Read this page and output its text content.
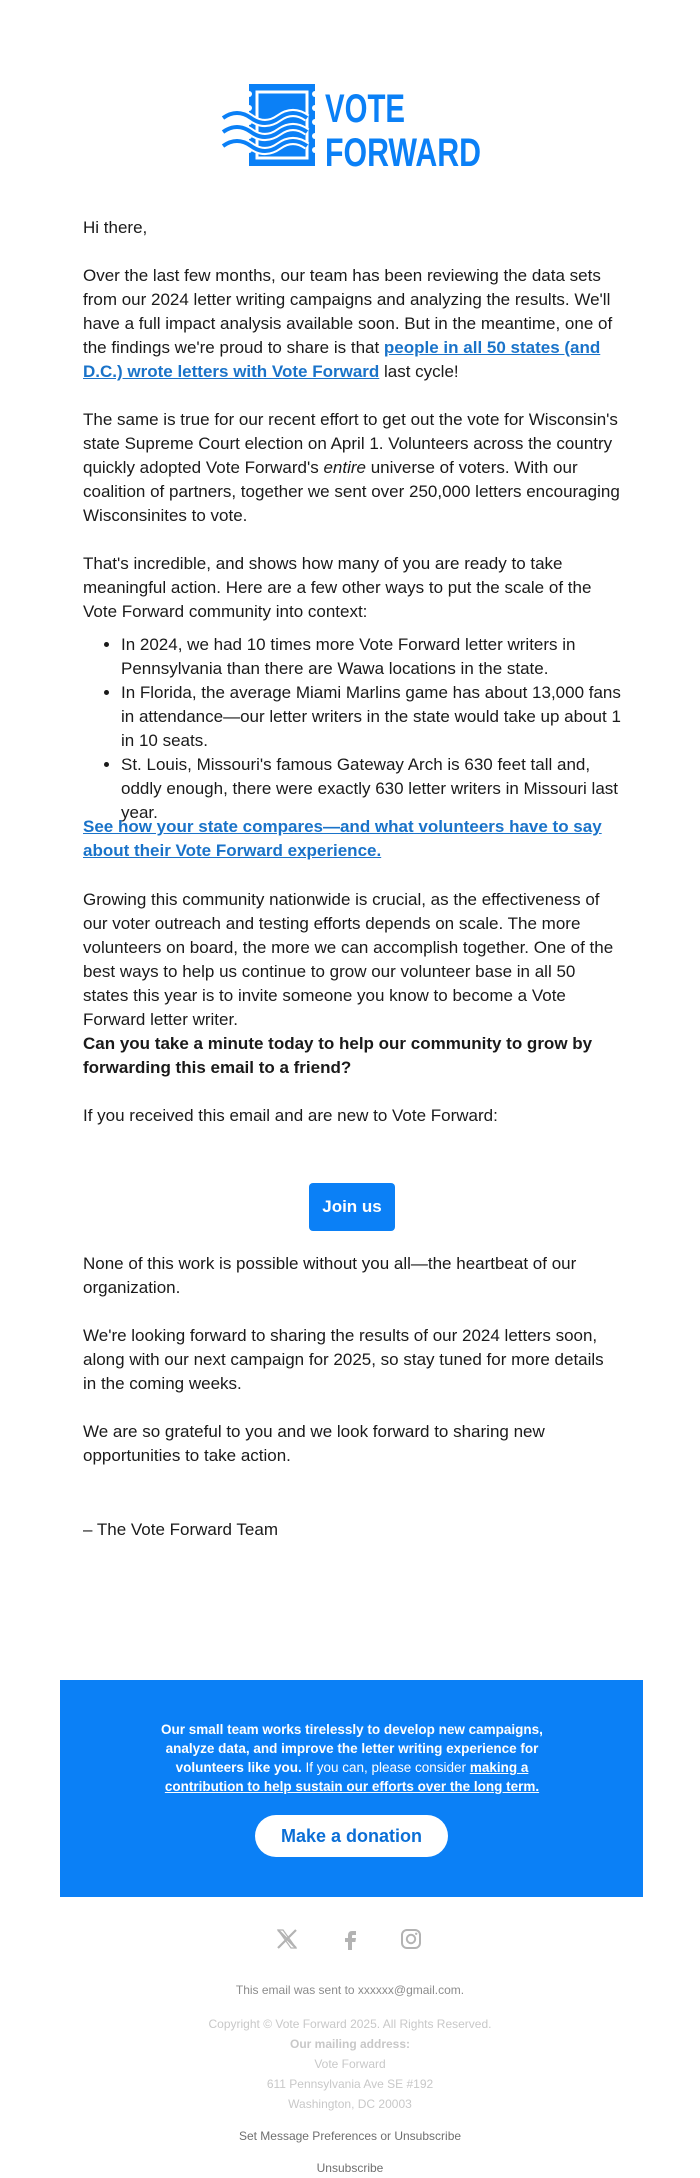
VOTE
FORWARD

Hi there,

Over the last few months, our team has been reviewing the data sets from our 2024 letter writing campaigns and analyzing the results. We'll have a full impact analysis available soon. But in the meantime, one of the findings we're proud to share is that people in all 50 states (and D.C.) wrote letters with Vote Forward last cycle!

The same is true for our recent effort to get out the vote for Wisconsin's state Supreme Court election on April 1. Volunteers across the country quickly adopted Vote Forward's entire universe of voters. With our coalition of partners, together we sent over 250,000 letters encouraging Wisconsinites to vote.

That's incredible, and shows how many of you are ready to take meaningful action. Here are a few other ways to put the scale of the Vote Forward community into context:

• In 2024, we had 10 times more Vote Forward letter writers in Pennsylvania than there are Wawa locations in the state.
• In Florida, the average Miami Marlins game has about 13,000 fans in attendance—our letter writers in the state would take up about 1 in 10 seats.
• St. Louis, Missouri's famous Gateway Arch is 630 feet tall and, oddly enough, there were exactly 630 letter writers in Missouri last year.

See how your state compares—and what volunteers have to say about their Vote Forward experience.

Growing this community nationwide is crucial, as the effectiveness of our voter outreach and testing efforts depends on scale. The more volunteers on board, the more we can accomplish together. One of the best ways to help us continue to grow our volunteer base in all 50 states this year is to invite someone you know to become a Vote Forward letter writer.

Can you take a minute today to help our community to grow by forwarding this email to a friend?

If you received this email and are new to Vote Forward:

Join us

None of this work is possible without you all—the heartbeat of our organization.

We're looking forward to sharing the results of our 2024 letters soon, along with our next campaign for 2025, so stay tuned for more details in the coming weeks.

We are so grateful to you and we look forward to sharing new opportunities to take action.

– The Vote Forward Team

Our small team works tirelessly to develop new campaigns, analyze data, and improve the letter writing experience for volunteers like you. If you can, please consider making a contribution to help sustain our efforts over the long term.
Make a donation
This email was sent to xxxxxx@gmail.com.
Copyright © Vote Forward 2025. All Rights Reserved.
Our mailing address:
Vote Forward
611 Pennsylvania Ave SE #192
Washington, DC 20003
Set Message Preferences or Unsubscribe
Unsubscribe
